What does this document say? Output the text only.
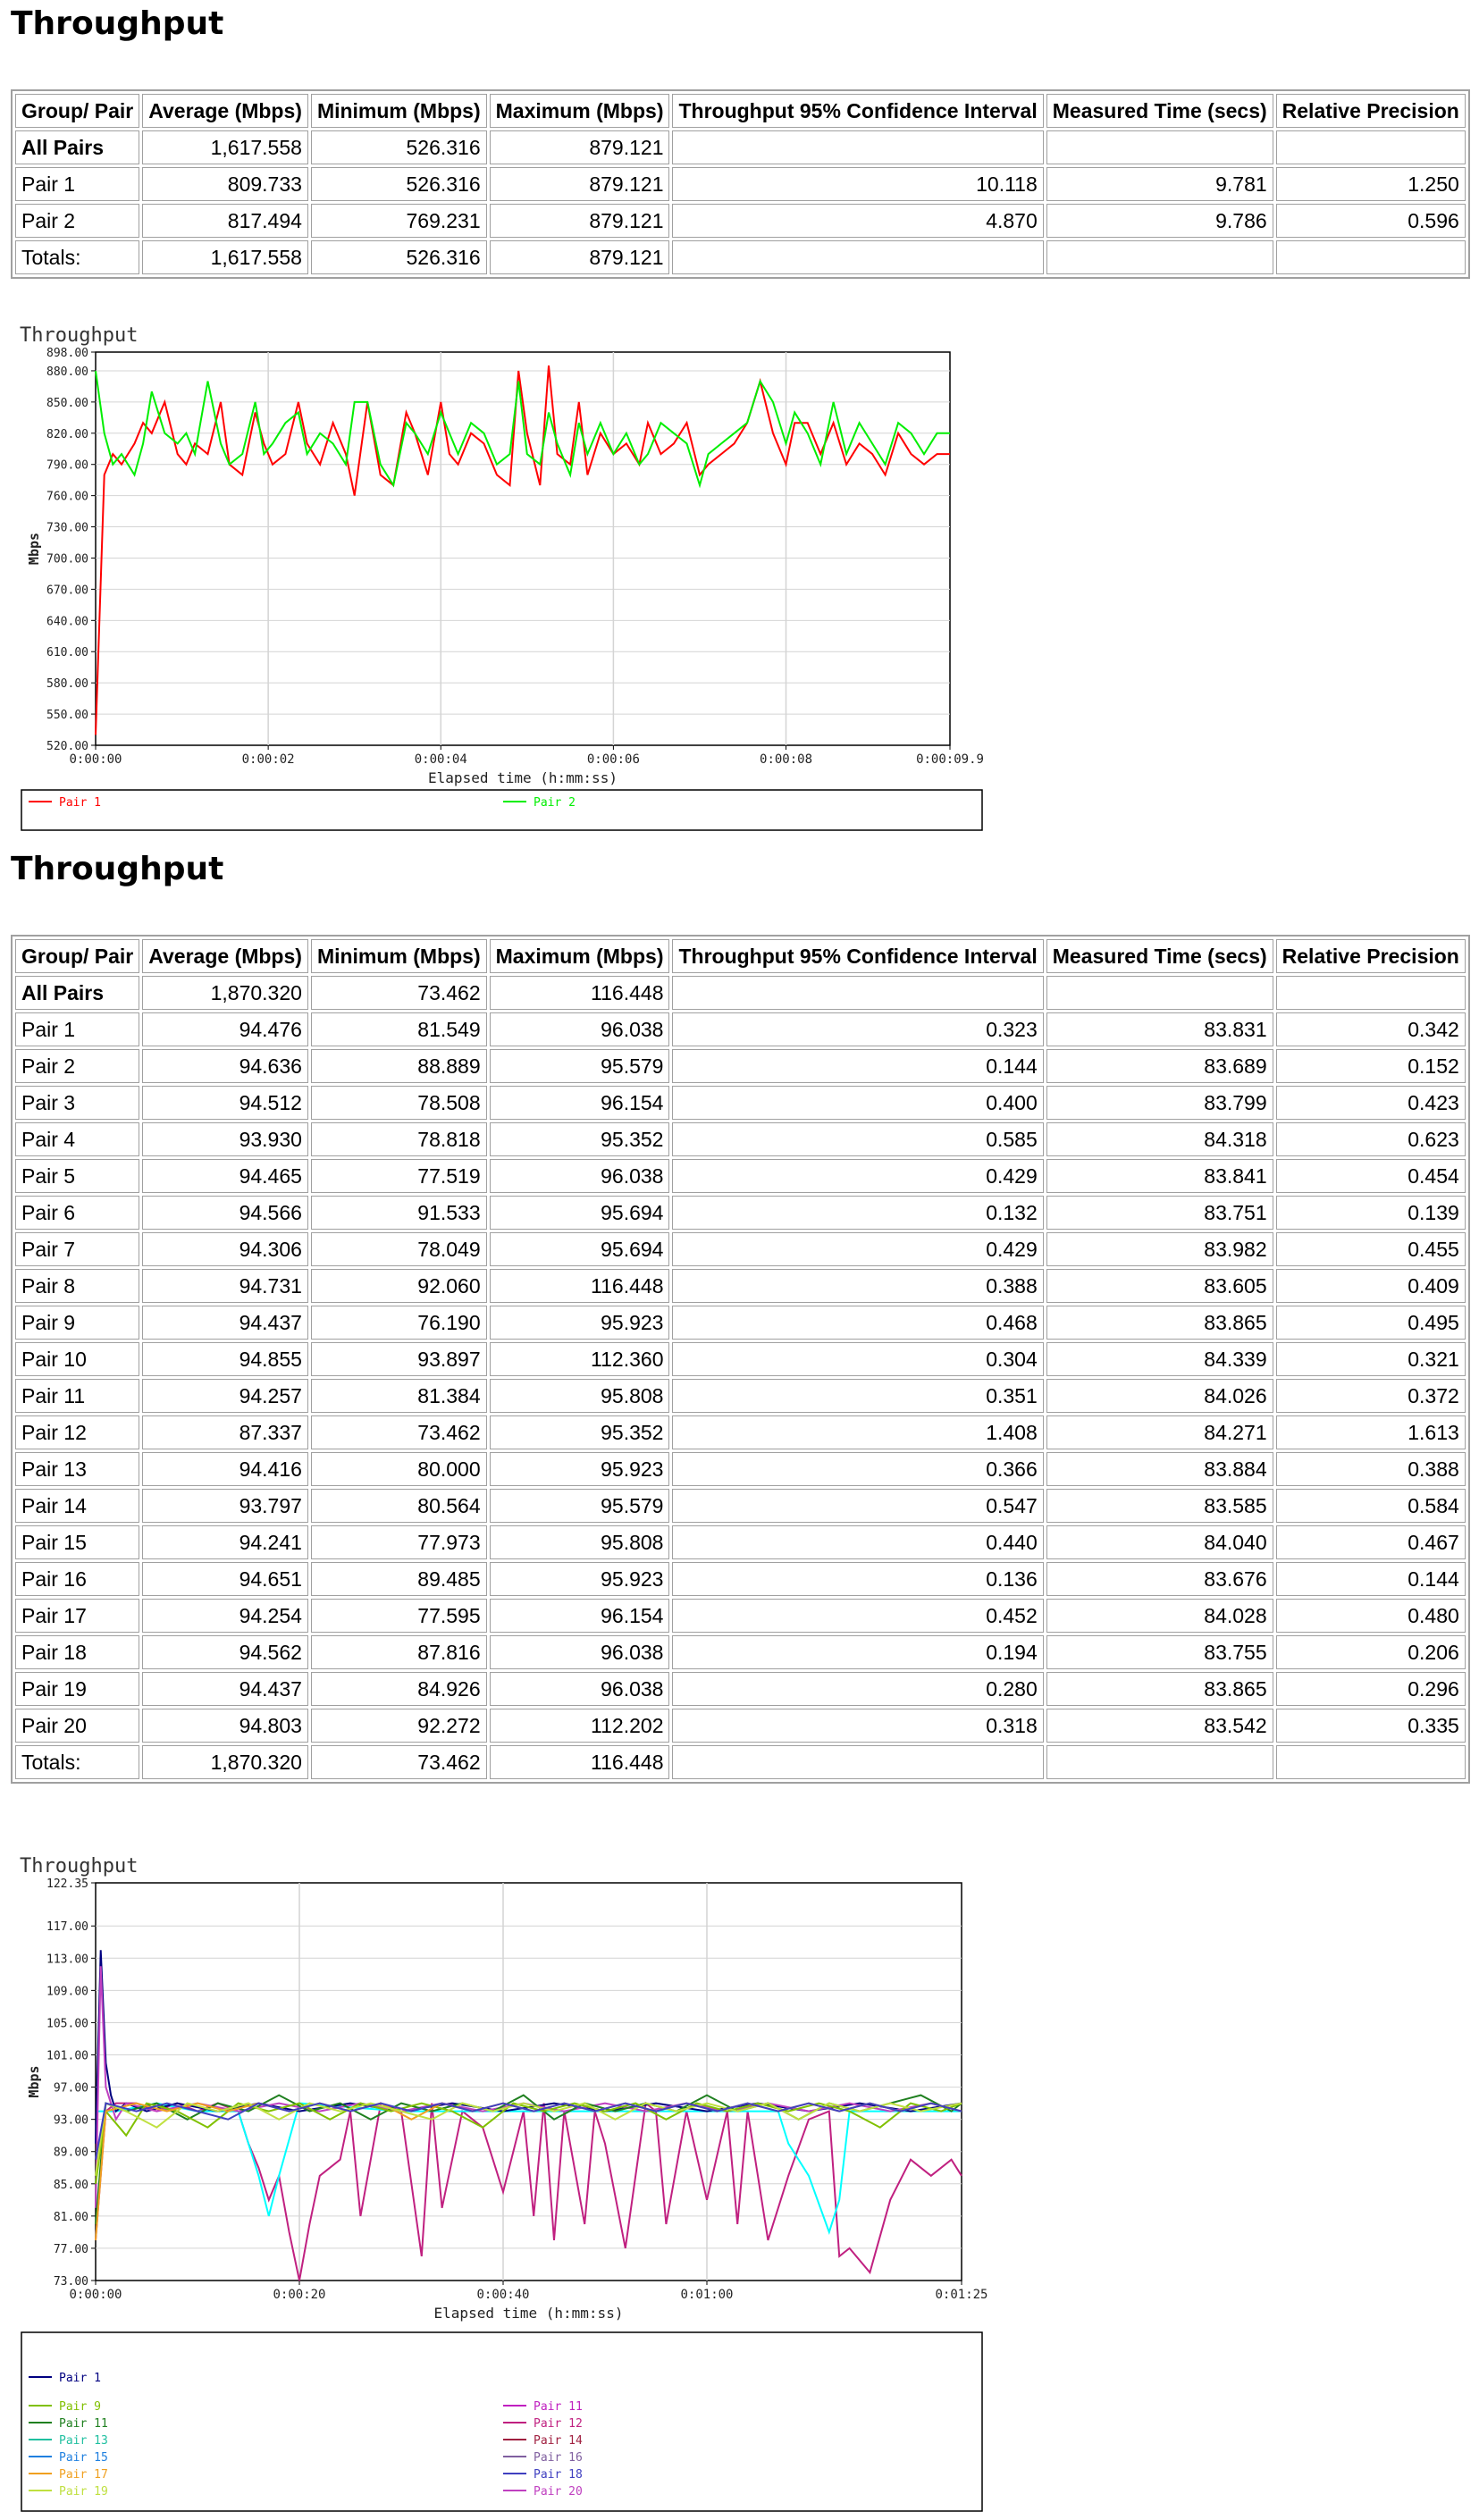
Throughput
Group/ Pair	Average (Mbps)	Minimum (Mbps)	Maximum (Mbps)	Throughput 95% Confidence Interval	Measured Time (secs)	Relative Precision
All Pairs	1,617.558	526.316	879.121			
Pair 1	809.733	526.316	879.121	10.118	9.781	1.250
Pair 2	817.494	769.231	879.121	4.870	9.786	0.596
Totals:	1,617.558	526.316	879.121			
Throughput
520.00
550.00
580.00
610.00
640.00
670.00
700.00
730.00
760.00
790.00
820.00
850.00
880.00
898.00
0:00:00	0:00:02	0:00:04	0:00:06	0:00:08	0:00:09.9
Elapsed time (h:mm:ss)
Mbps
Pair 1	Pair 2
Throughput
Group/ Pair	Average (Mbps)	Minimum (Mbps)	Maximum (Mbps)	Throughput 95% Confidence Interval	Measured Time (secs)	Relative Precision
All Pairs	1,870.320	73.462	116.448			
Pair 1	94.476	81.549	96.038	0.323	83.831	0.342
Pair 2	94.636	88.889	95.579	0.144	83.689	0.152
Pair 3	94.512	78.508	96.154	0.400	83.799	0.423
Pair 4	93.930	78.818	95.352	0.585	84.318	0.623
Pair 5	94.465	77.519	96.038	0.429	83.841	0.454
Pair 6	94.566	91.533	95.694	0.132	83.751	0.139
Pair 7	94.306	78.049	95.694	0.429	83.982	0.455
Pair 8	94.731	92.060	116.448	0.388	83.605	0.409
Pair 9	94.437	76.190	95.923	0.468	83.865	0.495
Pair 10	94.855	93.897	112.360	0.304	84.339	0.321
Pair 11	94.257	81.384	95.808	0.351	84.026	0.372
Pair 12	87.337	73.462	95.352	1.408	84.271	1.613
Pair 13	94.416	80.000	95.923	0.366	83.884	0.388
Pair 14	93.797	80.564	95.579	0.547	83.585	0.584
Pair 15	94.241	77.973	95.808	0.440	84.040	0.467
Pair 16	94.651	89.485	95.923	0.136	83.676	0.144
Pair 17	94.254	77.595	96.154	0.452	84.028	0.480
Pair 18	94.562	87.816	96.038	0.194	83.755	0.206
Pair 19	94.437	84.926	96.038	0.280	83.865	0.296
Pair 20	94.803	92.272	112.202	0.318	83.542	0.335
Totals:	1,870.320	73.462	116.448			
Throughput
73.00
77.00
81.00
85.00
89.00
93.00
97.00
101.00
105.00
109.00
113.00
117.00
122.35
0:00:00	0:00:20	0:00:40	0:01:00	0:01:25
Elapsed time (h:mm:ss)
Mbps
Pair 1
Pair 9
Pair 11
Pair 13
Pair 15
Pair 17
Pair 19
Pair 11
Pair 12
Pair 14
Pair 16
Pair 18
Pair 20
